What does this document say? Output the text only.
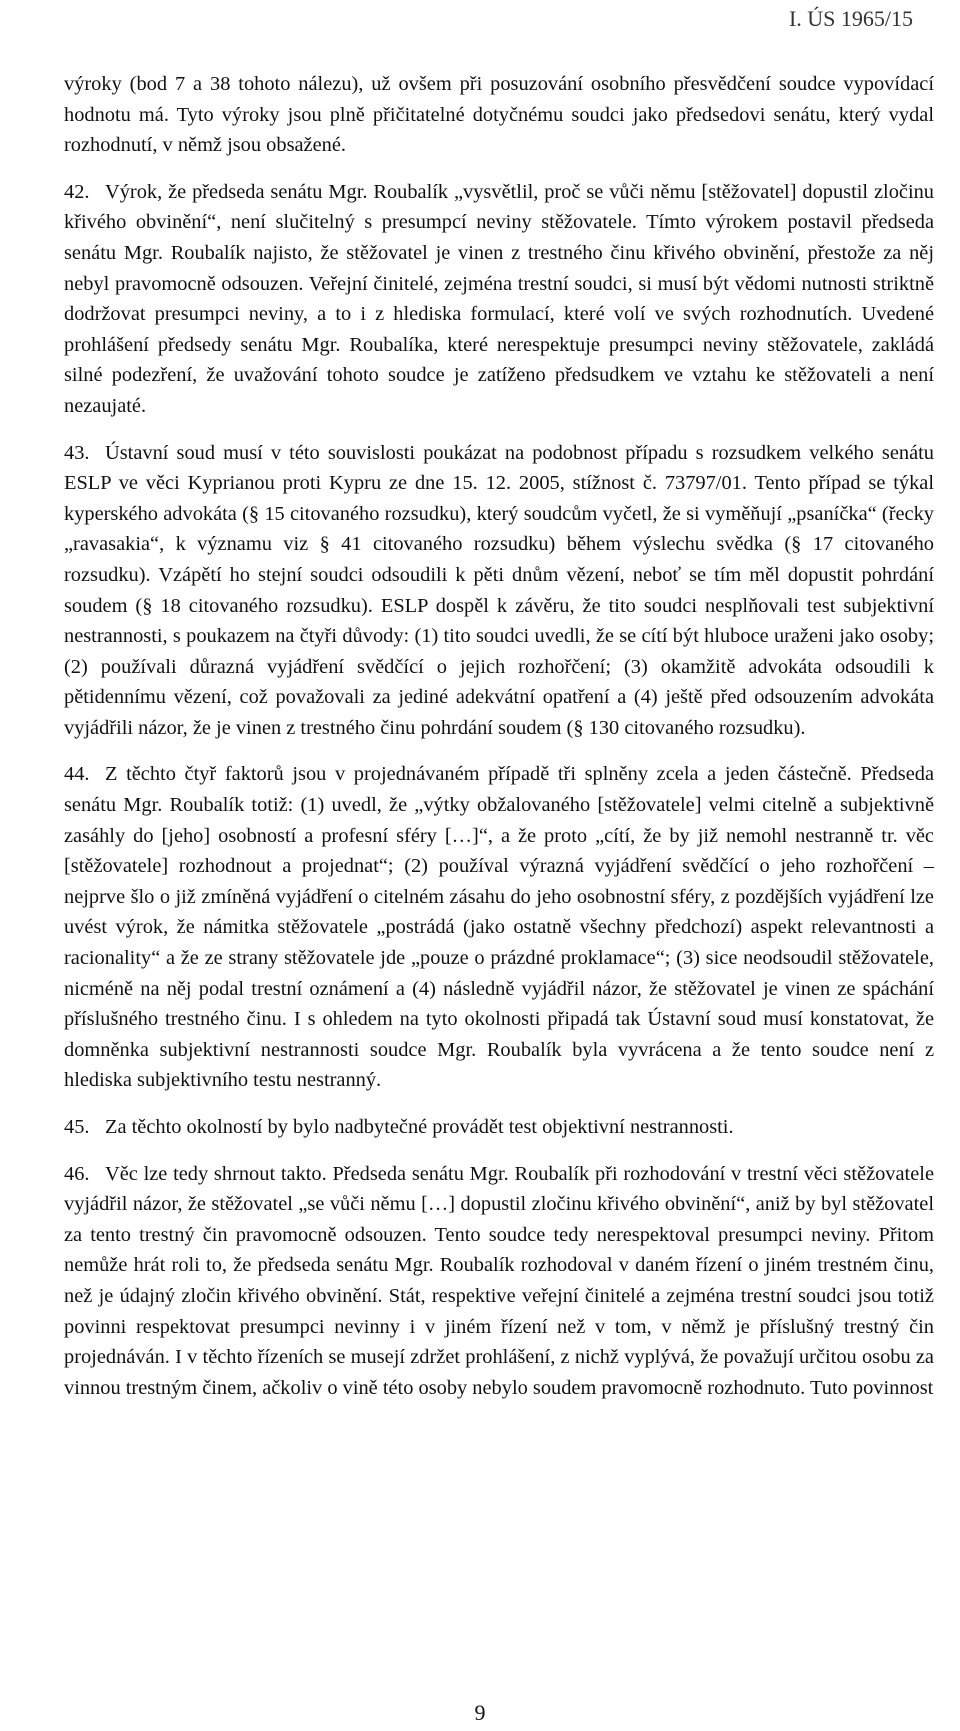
I. ÚS 1965/15

výroky (bod 7 a 38 tohoto nálezu), už ovšem při posuzování osobního přesvědčení soudce vypovídací hodnotu má. Tyto výroky jsou plně přičitatelné dotyčnému soudci jako předsedovi senátu, který vydal rozhodnutí, v němž jsou obsažené.

42. Výrok, že předseda senátu Mgr. Roubalík „vysvětlil, proč se vůči němu [stěžovatel] dopustil zločinu křivého obvinění“, není slučitelný s presumpcí neviny stěžovatele. Tímto výrokem postavil předseda senátu Mgr. Roubalík najisto, že stěžovatel je vinen z trestného činu křivého obvinění, přestože za něj nebyl pravomocně odsouzen. Veřejní činitelé, zejména trestní soudci, si musí být vědomi nutnosti striktně dodržovat presumpci neviny, a to i z hlediska formulací, které volí ve svých rozhodnutích. Uvedené prohlášení předsedy senátu Mgr. Roubalíka, které nerespektuje presumpci neviny stěžovatele, zakládá silné podezření, že uvažování tohoto soudce je zatíženo předsudkem ve vztahu ke stěžovateli a není nezaujaté.

43. Ústavní soud musí v této souvislosti poukázat na podobnost případu s rozsudkem velkého senátu ESLP ve věci Kyprianou proti Kypru ze dne 15. 12. 2005, stížnost č. 73797/01. Tento případ se týkal kyperského advokáta (§ 15 citovaného rozsudku), který soudcům vyčetl, že si vyměňují „psaníčka“ (řecky „ravasakia“, k významu viz § 41 citovaného rozsudku) během výslechu svědka (§ 17 citovaného rozsudku). Vzápětí ho stejní soudci odsoudili k pěti dnům vězení, neboť se tím měl dopustit pohrdání soudem (§ 18 citovaného rozsudku). ESLP dospěl k závěru, že tito soudci nesplňovali test subjektivní nestrannosti, s poukazem na čtyři důvody: (1) tito soudci uvedli, že se cítí být hluboce uraženi jako osoby; (2) používali důrazná vyjádření svědčící o jejich rozhořčení; (3) okamžitě advokáta odsoudili k pětidennímu vězení, což považovali za jediné adekvátní opatření a (4) ještě před odsouzením advokáta vyjádřili názor, že je vinen z trestného činu pohrdání soudem (§ 130 citovaného rozsudku).

44. Z těchto čtyř faktorů jsou v projednávaném případě tři splněny zcela a jeden částečně. Předseda senátu Mgr. Roubalík totiž: (1) uvedl, že „výtky obžalovaného [stěžovatele] velmi citelně a subjektivně zasáhly do [jeho] osobností a profesní sféry […]“, a že proto „cítí, že by již nemohl nestranně tr. věc [stěžovatele] rozhodnout a projednat“; (2) používal výrazná vyjádření svědčící o jeho rozhořčení – nejprve šlo o již zmíněná vyjádření o citelném zásahu do jeho osobnostní sféry, z pozdějších vyjádření lze uvést výrok, že námitka stěžovatele „postrádá (jako ostatně všechny předchozí) aspekt relevantnosti a racionality“ a že ze strany stěžovatele jde „pouze o prázdné proklamace“; (3) sice neodsoudil stěžovatele, nicméně na něj podal trestní oznámení a (4) následně vyjádřil názor, že stěžovatel je vinen ze spáchání příslušného trestného činu. I s ohledem na tyto okolnosti připadá tak Ústavní soud musí konstatovat, že domněnka subjektivní nestrannosti soudce Mgr. Roubalík byla vyvrácena a že tento soudce není z hlediska subjektivního testu nestranný.

45. Za těchto okolností by bylo nadbytečné provádět test objektivní nestrannosti.

46. Věc lze tedy shrnout takto. Předseda senátu Mgr. Roubalík při rozhodování v trestní věci stěžovatele vyjádřil názor, že stěžovatel „se vůči němu […] dopustil zločinu křivého obvinění“, aniž by byl stěžovatel za tento trestný čin pravomocně odsouzen. Tento soudce tedy nerespektoval presumpci neviny. Přitom nemůže hrát roli to, že předseda senátu Mgr. Roubalík rozhodoval v daném řízení o jiném trestném činu, než je údajný zločin křivého obvinění. Stát, respektive veřejní činitelé a zejména trestní soudci jsou totiž povinni respektovat presumpci nevinny i v jiném řízení než v tom, v němž je příslušný trestný čin projednáván. I v těchto řízeních se musejí zdržet prohlášení, z nichž vyplývá, že považují určitou osobu za vinnou trestným činem, ačkoliv o vině této osoby nebylo soudem pravomocně rozhodnuto. Tuto povinnost

9
